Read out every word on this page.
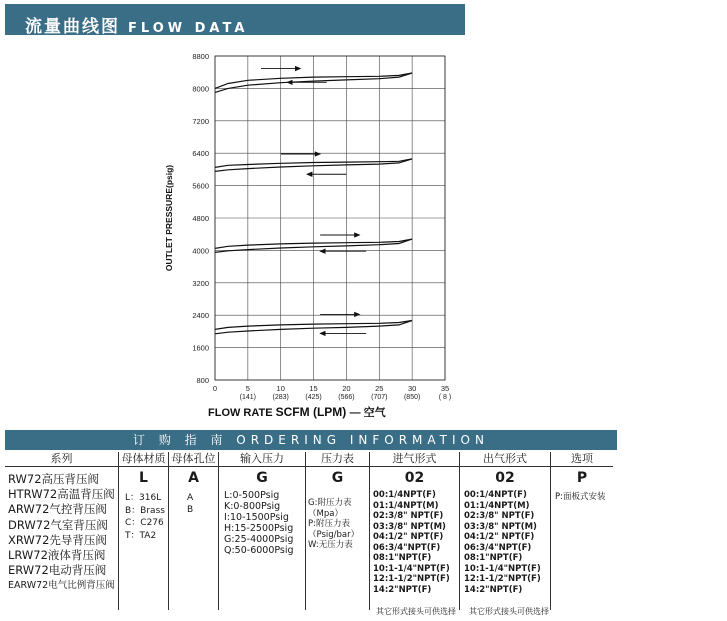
流量曲线图 FLOW DATA
800
1600
2400
3200
4000
4800
5600
6400
7200
8000
8800
0	5
(141)
10
(283)
15
(425)
20
(566)
25
(707)
30
(850)
35
( 8 )
OUTLET PRESSURE(psig)
FLOW RATE SCFM (LPM) — 空气
订 购 指 南 ORDERING INFORMATION
系列
RW72高压背压阀
HTRW72高温背压阀
ARW72气控背压阀
DRW72气室背压阀
XRW72先导背压阀
LRW72液体背压阀
ERW72电动背压阀
EARW72电气比例背压阀
母体材质
L
L：316L
B：Brass
C：C276
T：TA2
母体孔位
A
A
B
输入压力
G
L:0-500Psig
K:0-800Psig
I:10-1500Psig
H:15-2500Psig
G:25-4000Psig
Q:50-6000Psig
压力表
G
G:附压力表
（Mpa）
P:附压力表
（Psig/bar）
W:无压力表
进气形式
02
00:1/4NPT(F)
01:1/4NPT(M)
02:3/8" NPT(F)
03:3/8" NPT(M)
04:1/2" NPT(F)
06:3/4"NPT(F)
08:1"NPT(F)
10:1-1/4"NPT(F)
12:1-1/2"NPT(F)
14:2"NPT(F)
出气形式
02
00:1/4NPT(F)
01:1/4NPT(M)
02:3/8" NPT(F)
03:3/8" NPT(M)
04:1/2" NPT(F)
06:3/4"NPT(F)
08:1"NPT(F)
10:1-1/4"NPT(F)
12:1-1/2"NPT(F)
14:2"NPT(F)
选项
P
P:面板式安装
其它形式接头可供选择 其它形式接头可供选择
